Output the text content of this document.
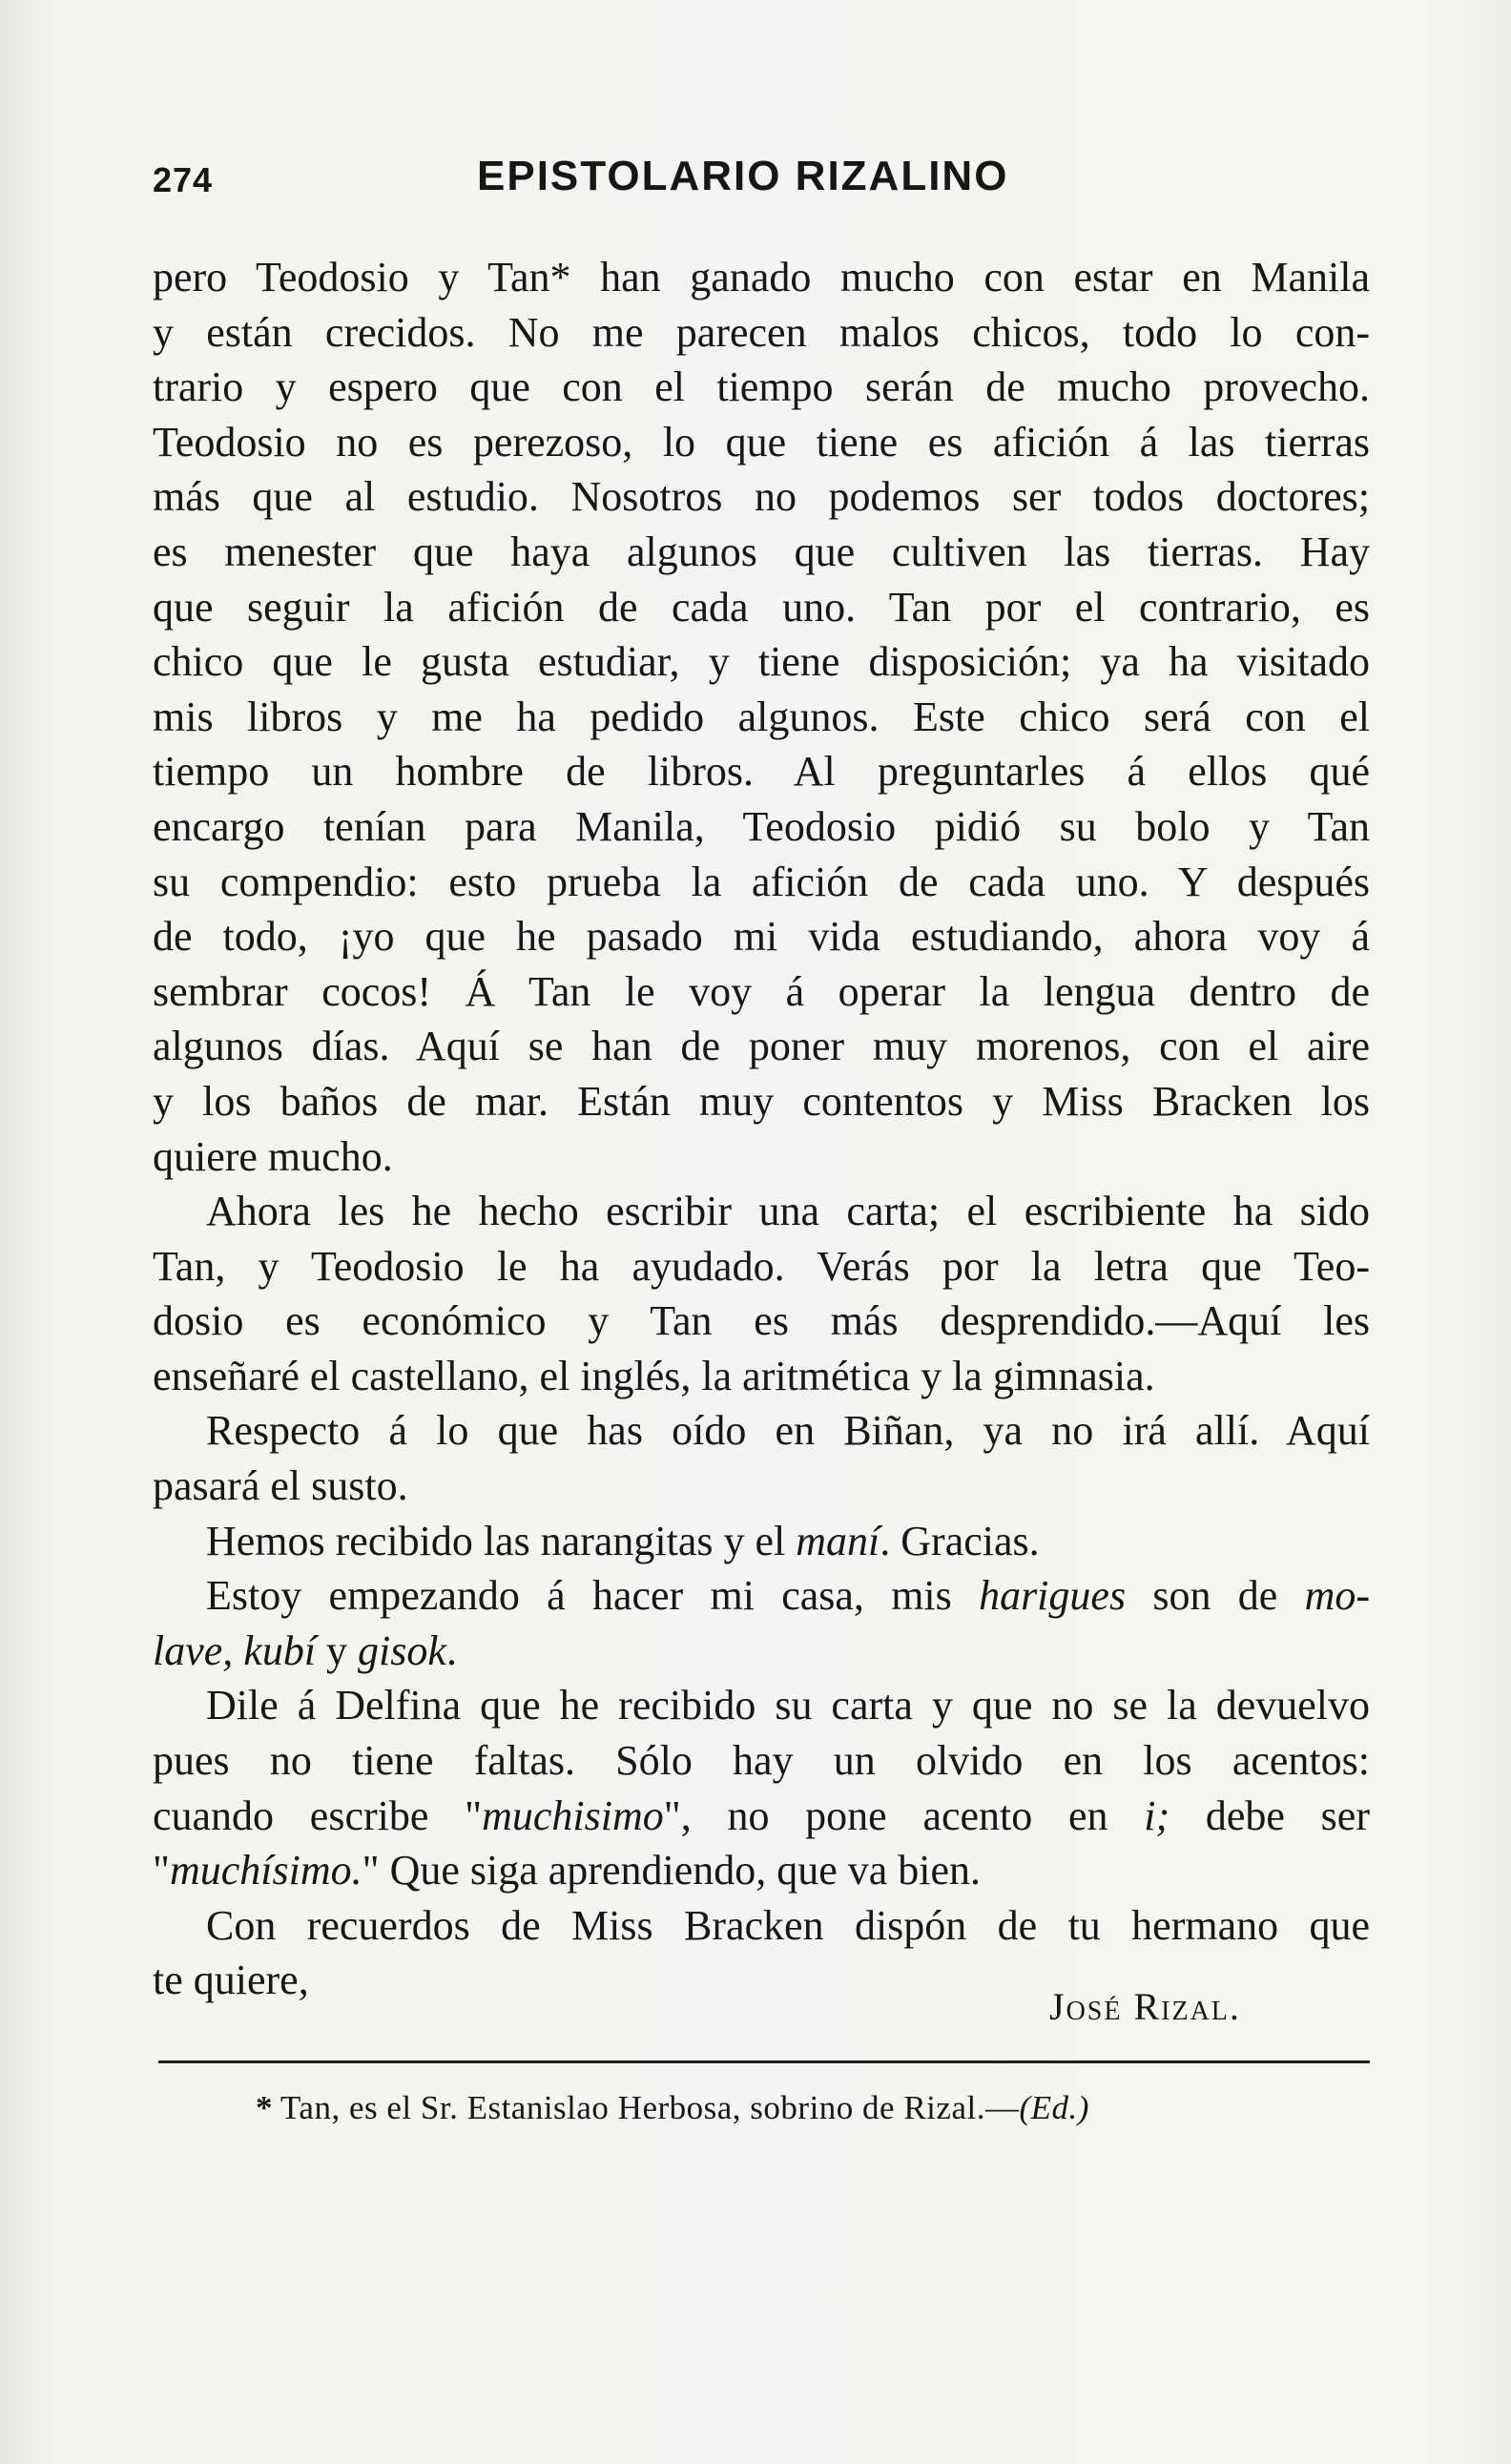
274	EPISTOLARIO RIZALINO
pero Teodosio y Tan* han ganado mucho con estar en Manila
y están crecidos. No me parecen malos chicos, todo lo con-
trario y espero que con el tiempo serán de mucho provecho.
Teodosio no es perezoso, lo que tiene es afición á las tierras
más que al estudio. Nosotros no podemos ser todos doctores;
es menester que haya algunos que cultiven las tierras. Hay
que seguir la afición de cada uno. Tan por el contrario, es
chico que le gusta estudiar, y tiene disposición; ya ha visitado
mis libros y me ha pedido algunos. Este chico será con el
tiempo un hombre de libros. Al preguntarles á ellos qué
encargo tenían para Manila, Teodosio pidió su bolo y Tan
su compendio: esto prueba la afición de cada uno. Y después
de todo, ¡yo que he pasado mi vida estudiando, ahora voy á
sembrar cocos! Á Tan le voy á operar la lengua dentro de
algunos días. Aquí se han de poner muy morenos, con el aire
y los baños de mar. Están muy contentos y Miss Bracken los
quiere mucho.
Ahora les he hecho escribir una carta; el escribiente ha sido
Tan, y Teodosio le ha ayudado. Verás por la letra que Teo-
dosio es económico y Tan es más desprendido.—Aquí les
enseñaré el castellano, el inglés, la aritmética y la gimnasia.
Respecto á lo que has oído en Biñan, ya no irá allí. Aquí
pasará el susto.
Hemos recibido las narangitas y el maní. Gracias.
Estoy empezando á hacer mi casa, mis harigues son de mo-
lave, kubí y gisok.
Dile á Delfina que he recibido su carta y que no se la devuelvo
pues no tiene faltas. Sólo hay un olvido en los acentos:
cuando escribe "muchisimo", no pone acento en i; debe ser
"muchísimo." Que siga aprendiendo, que va bien.
Con recuerdos de Miss Bracken dispón de tu hermano que
te quiere,
José Rizal.
* Tan, es el Sr. Estanislao Herbosa, sobrino de Rizal.—(Ed.)
